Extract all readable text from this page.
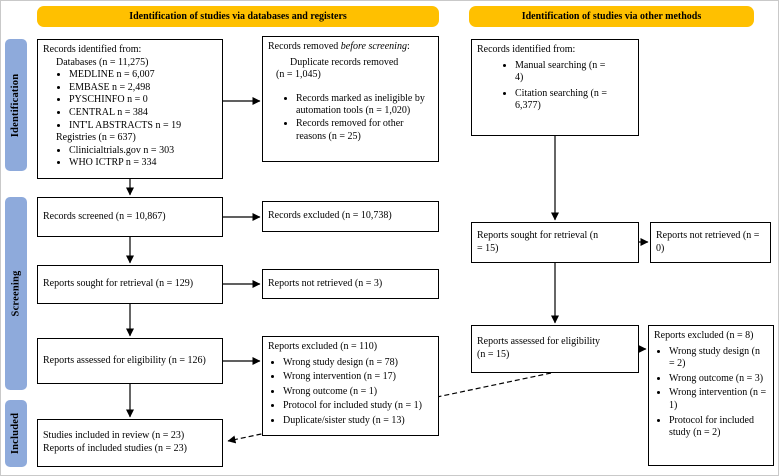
Identification of studies via databases and registers	Identification of studies via other methods
Identification
Screening
Included
Records identified from:
Databases (n = 11,275)
• MEDLINE n = 6,007
• EMBASE n = 2,498
• PYSCHINFO n = 0
• CENTRAL n = 384
• INT'L ABSTRACTS n = 19
Registries (n = 637)
• Clinicialtrials.gov n = 303
• WHO ICTRP n = 334
Records screened (n = 10,867)
Reports sought for retrieval (n = 129)
Reports assessed for eligibility (n = 126)
Studies included in review (n = 23)
Reports of included studies (n = 23)
Records removed before screening:
Duplicate records removed
(n = 1,045)
• Records marked as ineligible by automation tools (n = 1,020)
• Records removed for other reasons (n = 25)
Records excluded (n = 10,738)
Reports not retrieved (n = 3)
Reports excluded (n = 110)
• Wrong study design (n = 78)
• Wrong intervention (n = 17)
• Wrong outcome (n = 1)
• Protocol for included study (n = 1)
• Duplicate/sister study (n = 13)
Records identified from:
• Manual searching (n = 4)
• Citation searching (n = 6,377)
Reports sought for retrieval (n = 15)
Reports assessed for eligibility (n = 15)
Reports not retrieved (n = 0)
Reports excluded (n = 8)
• Wrong study design (n = 2)
• Wrong outcome (n = 3)
• Wrong intervention (n = 1)
• Protocol for included study (n = 2)
